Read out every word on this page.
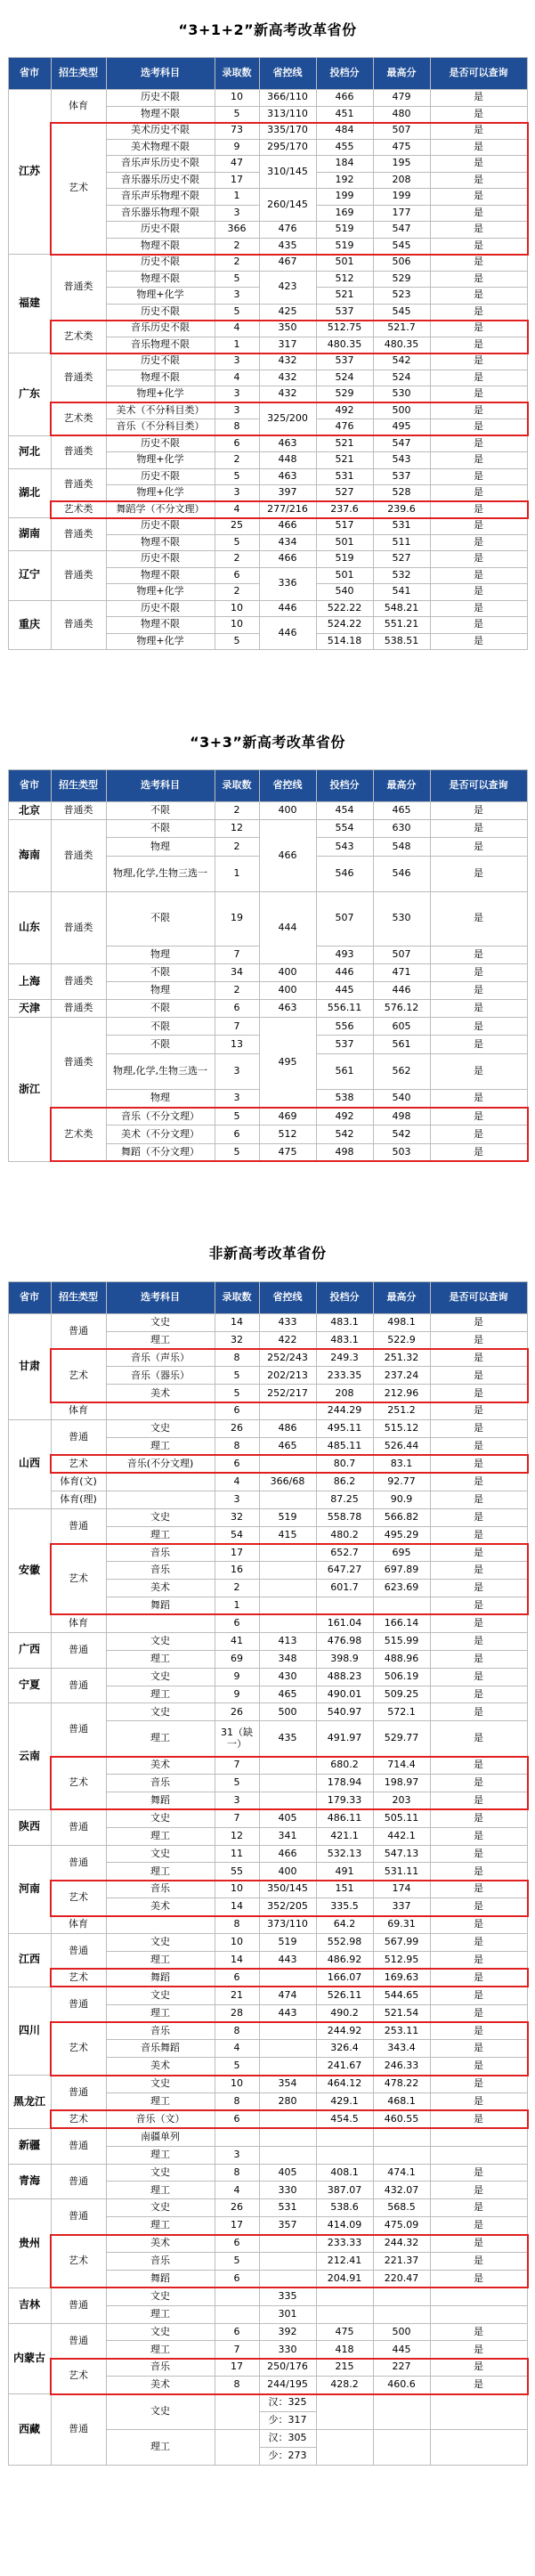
“3+1+2”新高考改革省份
省市	招生类型	选考科目	录取数	省控线	投档分	最高分	是否可以查询
江苏	体育	历史不限	10	366/110	466	479	是
		物理不限	5	313/110	451	480	是
	艺术	美术历史不限	73	335/170	484	507	是
		美术物理不限	9	295/170	455	475	是
		音乐声乐历史不限	47	310/145	184	195	是
		音乐器乐历史不限	17		192	208	是
		音乐声乐物理不限	1	260/145	199	199	是
		音乐器乐物理不限	3		169	177	是
		历史不限	366	476	519	547	是
		物理不限	2	435	519	545	是
福建	普通类	历史不限	2	467	501	506	是
		物理不限	5	423	512	529	是
		物理+化学	3		521	523	是
		历史不限	5	425	537	545	是
	艺术类	音乐历史不限	4	350	512.75	521.7	是
		音乐物理不限	1	317	480.35	480.35	是
广东	普通类	历史不限	3	432	537	542	是
		物理不限	4	432	524	524	是
		物理+化学	3	432	529	530	是
	艺术类	美术（不分科目类）	3	325/200	492	500	是
		音乐（不分科目类）	8		476	495	是
河北	普通类	历史不限	6	463	521	547	是
		物理+化学	2	448	521	543	是
湖北	普通类	历史不限	5	463	531	537	是
		物理+化学	3	397	527	528	是
	艺术类	舞蹈学（不分文理）	4	277/216	237.6	239.6	是
湖南	普通类	历史不限	25	466	517	531	是
		物理不限	5	434	501	511	是
辽宁	普通类	历史不限	2	466	519	527	是
		物理不限	6	336	501	532	是
		物理+化学	2		540	541	是
重庆	普通类	历史不限	10	446	522.22	548.21	是
		物理不限	10	446	524.22	551.21	是
		物理+化学	5		514.18	538.51	是
“3+3”新高考改革省份
省市	招生类型	选考科目	录取数	省控线	投档分	最高分	是否可以查询
北京	普通类	不限	2	400	454	465	是
海南	普通类	不限	12	466	554	630	是
		物理	2		543	548	是
		物理,化学,生物三选一	1		546	546	是
山东	普通类	不限	19	444	507	530	是
		物理	7		493	507	是
上海	普通类	不限	34	400	446	471	是
		物理	2	400	445	446	是
天津	普通类	不限	6	463	556.11	576.12	是
浙江	普通类	不限	7	495	556	605	是
		不限	13		537	561	是
		物理,化学,生物三选一	3		561	562	是
		物理	3		538	540	是
	艺术类	音乐（不分文理）	5	469	492	498	是
		美术（不分文理）	6	512	542	542	是
		舞蹈（不分文理）	5	475	498	503	是
非新高考改革省份
省市	招生类型	选考科目	录取数	省控线	投档分	最高分	是否可以查询
甘肃	普通	文史	14	433	483.1	498.1	是
		理工	32	422	483.1	522.9	是
	艺术	音乐（声乐）	8	252/243	249.3	251.32	是
		音乐（器乐）	5	202/213	233.35	237.24	是
		美术	5	252/217	208	212.96	是
	体育		6		244.29	251.2	是
山西	普通	文史	26	486	495.11	515.12	是
		理工	8	465	485.11	526.44	是
	艺术	音乐(不分文理)	6		80.7	83.1	是
	体育(文)		4	366/68	86.2	92.77	是
	体育(理)		3		87.25	90.9	是
安徽	普通	文史	32	519	558.78	566.82	是
		理工	54	415	480.2	495.29	是
	艺术	音乐	17		652.7	695	是
		音乐	16		647.27	697.89	是
		美术	2		601.7	623.69	是
		舞蹈	1				是
	体育		6		161.04	166.14	是
广西	普通	文史	41	413	476.98	515.99	是
		理工	69	348	398.9	488.96	是
宁夏	普通	文史	9	430	488.23	506.19	是
		理工	9	465	490.01	509.25	是
云南	普通	文史	26	500	540.97	572.1	是
		理工	31（缺一）	435	491.97	529.77	是

	艺术	美术	7		680.2	714.4	是
		音乐	5		178.94	198.97	是
		舞蹈	3		179.33	203	是
陕西	普通	文史	7	405	486.11	505.11	是
		理工	12	341	421.1	442.1	是
河南	普通	文史	11	466	532.13	547.13	是
		理工	55	400	491	531.11	是
	艺术	音乐	10	350/145	151	174	是
		美术	14	352/205	335.5	337	是
	体育		8	373/110	64.2	69.31	是
江西	普通	文史	10	519	552.98	567.99	是
		理工	14	443	486.92	512.95	是
	艺术	舞蹈	6		166.07	169.63	是
四川	普通	文史	21	474	526.11	544.65	是
		理工	28	443	490.2	521.54	是
	艺术	音乐	8		244.92	253.11	是
		音乐舞蹈	4		326.4	343.4	是
		美术	5		241.67	246.33	是
黑龙江	普通	文史	10	354	464.12	478.22	是
		理工	8	280	429.1	468.1	是
	艺术	音乐（文）	6		454.5	460.55	是
新疆	普通	南疆单列					
		理工	3				
青海	普通	文史	8	405	408.1	474.1	是
		理工	4	330	387.07	432.07	是
贵州	普通	文史	26	531	538.6	568.5	是
		理工	17	357	414.09	475.09	是
	艺术	美术	6		233.33	244.32	是
		音乐	5		212.41	221.37	是
		舞蹈	6		204.91	220.47	是
吉林	普通	文史		335			
		理工		301			
内蒙古	普通	文史	6	392	475	500	是
		理工	7	330	418	445	是
	艺术	音乐	17	250/176	215	227	是
		美术	8	244/195	428.2	460.6	是
西藏	普通	文史		汉：325			
				少：317			
		理工		汉：305			
				少：273			
